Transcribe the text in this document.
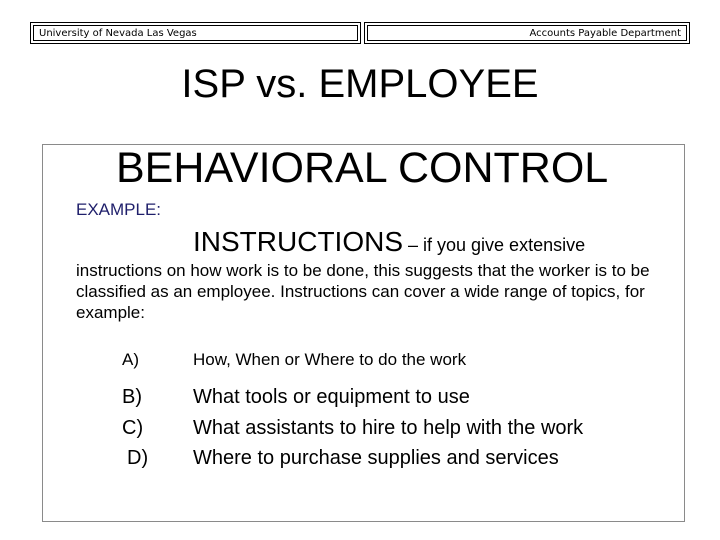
University of Nevada Las Vegas	Accounts Payable Department
ISP vs. EMPLOYEE
BEHAVIORAL CONTROL
EXAMPLE:
INSTRUCTIONS – if you give extensive
instructions on how work is to be done, this suggests that the worker is to be classified as an employee. Instructions can cover a wide range of topics, for example:
A)	How, When or Where to do the work
B)	What tools or equipment to use
C) What assistants to hire to help with the work
D) Where to purchase supplies and services
